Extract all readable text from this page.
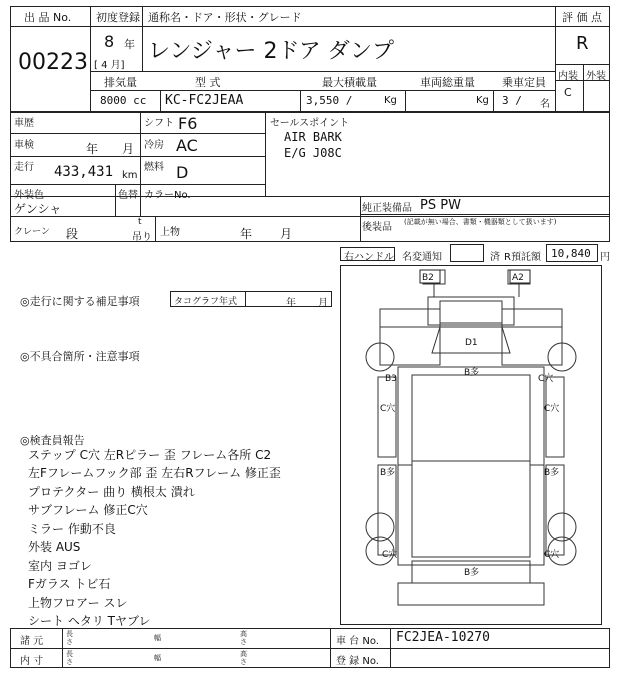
出 品 No.
00223
初度登録
8 年
[ 4 月]
通称名・ドア・形状・グレード
レンジャー 2ドア ダンプ
評 価 点
R
内装 外装
C
排気量
8000 cc
型 式
KC-FC2JEAA
最大積載量
3,550 /	Kg
車両総重量
Kg
乗車定員
3 / 名
車歴	シフト F6
車検	年 月 冷房 AC
走行 433,431 km
燃料 D
外装色
ゲンシャ
色替 カラーNo.
クレーン 段
t
吊り 上物	年 月
セールスポイント
AIR BARK
E/G J08C
純正装備品 PS PW
後装品 (記載が無い場合、書類・機器類として扱います)
右ハンドル 名変通知	済 R預託額 10,840 円
◎走行に関する補足事項	タコグラフ年式	年 月
◎不具合箇所・注意事項
◎検査員報告
ステップ C穴 左Rピラー 歪 フレーム各所 C2
左Fフレームフック部 歪 左右Rフレーム 修正歪
プロテクター 曲り 横根太 潰れ
サブフレーム 修正C穴
ミラー 作動不良
外装 AUS
室内 ヨゴレ
Fガラス トビ石
上物フロアー スレ
シート ヘタリ Tヤブレ
B2	A2
D1
B3
B多
C穴
C穴	C穴
B多	B多
C穴	C穴
B多
諸 元
長さ	幅	高さ	車 台 No. FC2JEA-10270
内 寸
長さ	幅	高さ	登 録 No.
